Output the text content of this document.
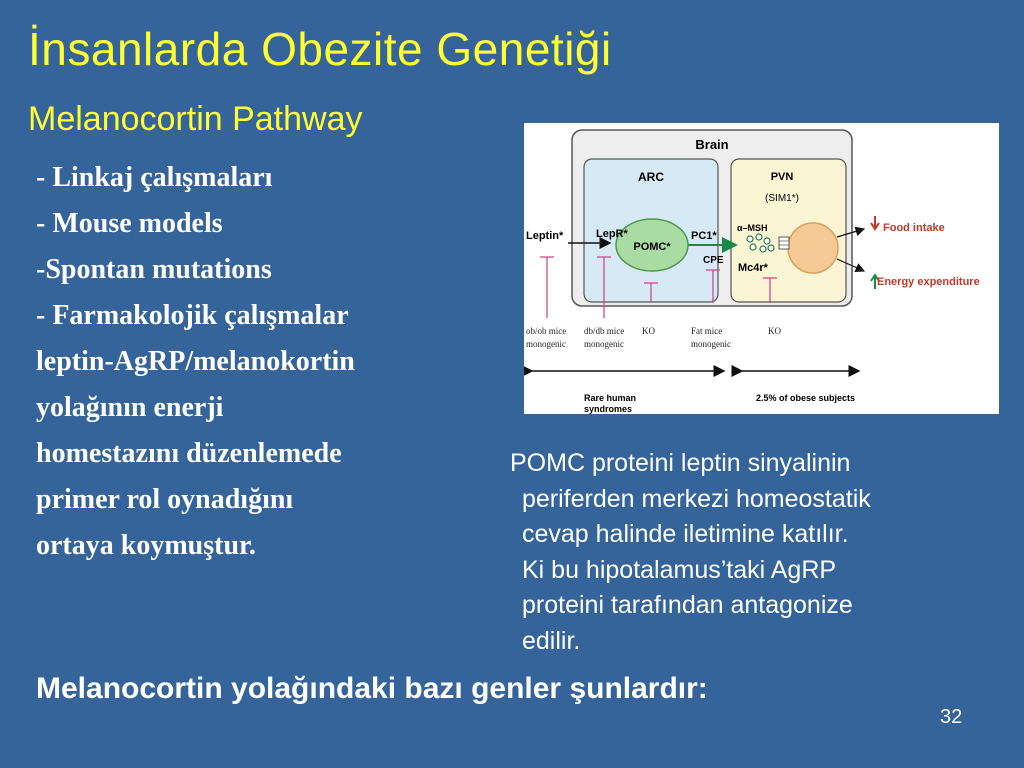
İnsanlarda Obezite Genetiği
Melanocortin Pathway
- Linkaj çalışmaları
- Mouse models
-Spontan mutations
- Farmakolojik çalışmalar
leptin-AgRP/melanokortin
yolağının enerji
homestazını düzenlemede
primer rol oynadığını
ortaya koymuştur.
Brain
ARC	PVN
(SIM1*)
POMC*
Leptin*	LepR*	PC1*
CPE
α–MSH
Mc4r*
Food intake
Energy expenditure
ob/ob mice
monogenic
db/db mice
monogenic
KO	Fat mice
monogenic
KO
Rare human
syndromes
2.5% of obese subjects
POMC proteini leptin sinyalinin
periferden merkezi homeostatik
cevap halinde iletimine katılır.
Ki bu hipotalamus’taki AgRP
proteini tarafından antagonize
edilir.

Melanocortin yolağındaki bazı genler şunlardır:

32
